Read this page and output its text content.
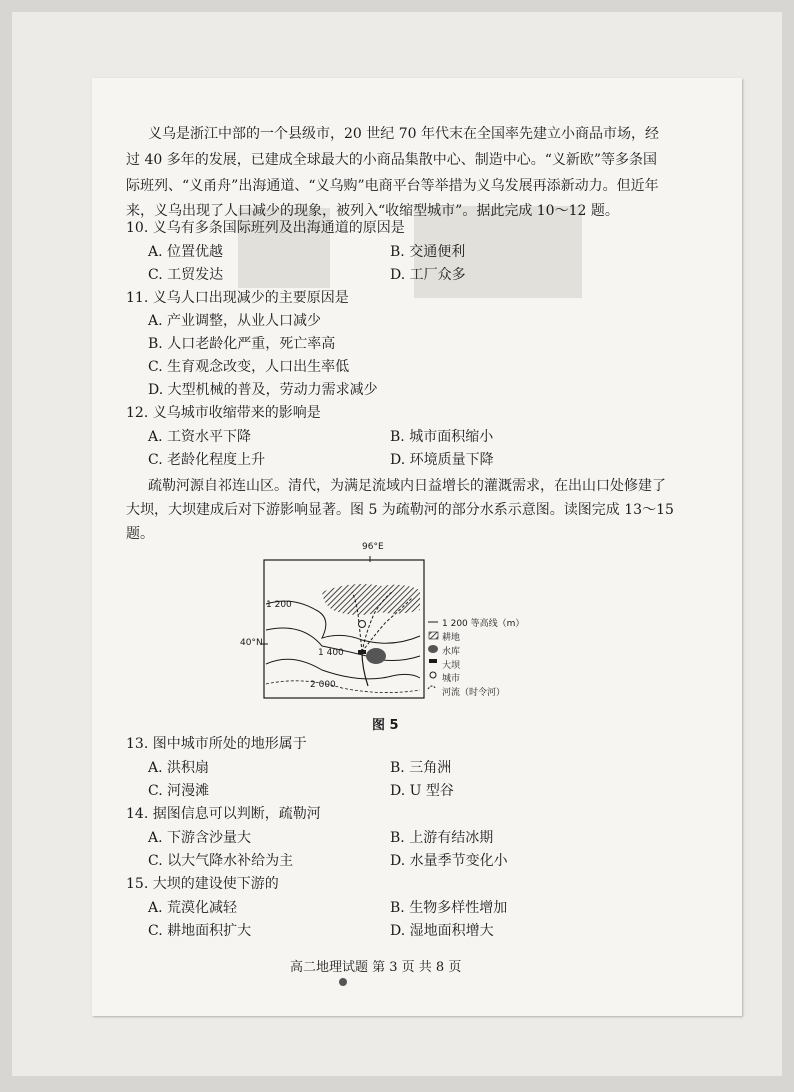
义乌是浙江中部的一个县级市，20 世纪 70 年代末在全国率先建立小商品市场，经
过 40 多年的发展，已建成全球最大的小商品集散中心、制造中心。“义新欧”等多条国
际班列、“义甬舟”出海通道、“义乌购”电商平台等举措为义乌发展再添新动力。但近年
来，义乌出现了人口减少的现象，被列入“收缩型城市”。据此完成 10～12 题。
10. 义乌有多条国际班列及出海通道的原因是
A. 位置优越	B. 交通便利
C. 工贸发达	D. 工厂众多
11. 义乌人口出现减少的主要原因是
A. 产业调整，从业人口减少
B. 人口老龄化严重，死亡率高
C. 生育观念改变，人口出生率低
D. 大型机械的普及，劳动力需求减少
12. 义乌城市收缩带来的影响是
A. 工资水平下降	B. 城市面积缩小
C. 老龄化程度上升	D. 环境质量下降
疏勒河源自祁连山区。清代，为满足流域内日益增长的灌溉需求，在出山口处修建了
大坝，大坝建成后对下游影响显著。图 5 为疏勒河的部分水系示意图。读图完成 13～15
题。
96°E
40°N
1 200
1 400
2 000
1 200 等高线（m）
耕地
水库
大坝
城市
河流（时令河）
图 5
13. 图中城市所处的地形属于
A. 洪积扇	B. 三角洲
C. 河漫滩	D. U 型谷
14. 据图信息可以判断，疏勒河
A. 下游含沙量大	B. 上游有结冰期
C. 以大气降水补给为主	D. 水量季节变化小
15. 大坝的建设使下游的
A. 荒漠化减轻	B. 生物多样性增加
C. 耕地面积扩大	D. 湿地面积增大
高二地理试题 第 3 页 共 8 页
